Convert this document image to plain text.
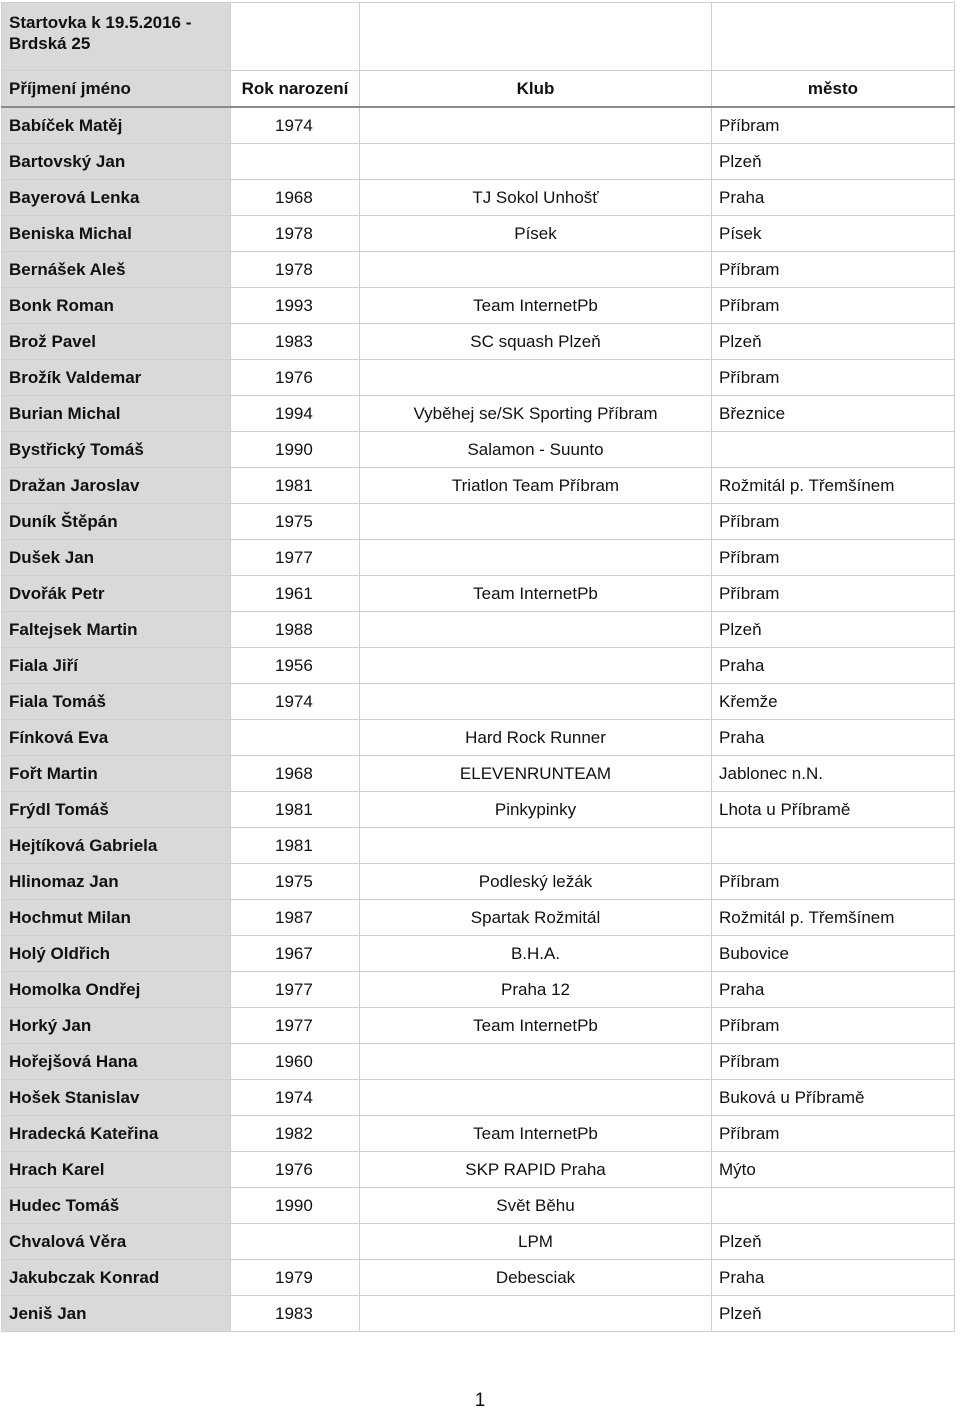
Startovka k 19.5.2016 -
Brdská 25			
Příjmení jméno	Rok narození	Klub	město
Babíček Matěj	1974		Příbram
Bartovský Jan			Plzeň
Bayerová Lenka	1968	TJ Sokol Unhošť	Praha
Beniska Michal	1978	Písek	Písek
Bernášek Aleš	1978		Příbram
Bonk Roman	1993	Team InternetPb	Příbram
Brož Pavel	1983	SC squash Plzeň	Plzeň
Brožík Valdemar	1976		Příbram
Burian Michal	1994	Vyběhej se/SK Sporting Příbram	Březnice
Bystřický Tomáš	1990	Salamon - Suunto	
Dražan Jaroslav	1981	Triatlon Team Příbram	Rožmitál p. Třemšínem
Duník Štěpán	1975		Příbram
Dušek Jan	1977		Příbram
Dvořák Petr	1961	Team InternetPb	Příbram
Faltejsek Martin	1988		Plzeň
Fiala Jiří	1956		Praha
Fiala Tomáš	1974		Křemže
Fínková Eva		Hard Rock Runner	Praha
Fořt Martin	1968	ELEVENRUNTEAM	Jablonec n.N.
Frýdl Tomáš	1981	Pinkypinky	Lhota u Příbramě
Hejtíková Gabriela	1981		
Hlinomaz Jan	1975	Podleský ležák	Příbram
Hochmut Milan	1987	Spartak Rožmitál	Rožmitál p. Třemšínem
Holý Oldřich	1967	B.H.A.	Bubovice
Homolka Ondřej	1977	Praha 12	Praha
Horký Jan	1977	Team InternetPb	Příbram
Hořejšová Hana	1960		Příbram
Hošek Stanislav	1974		Buková u Příbramě
Hradecká Kateřina	1982	Team InternetPb	Příbram
Hrach Karel	1976	SKP RAPID Praha	Mýto
Hudec Tomáš	1990	Svět Běhu	
Chvalová Věra		LPM	Plzeň
Jakubczak Konrad	1979	Debesciak	Praha
Jeniš Jan	1983		Plzeň
1
